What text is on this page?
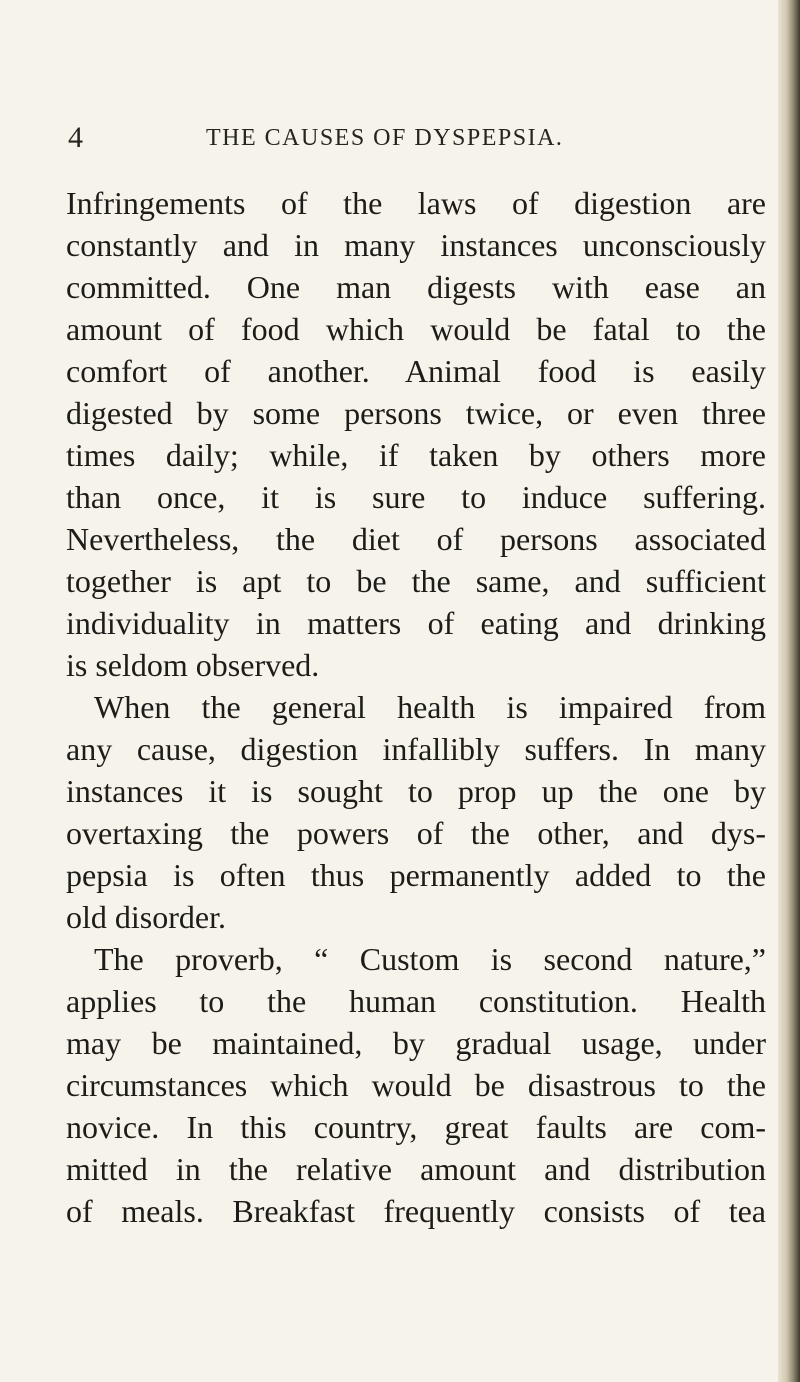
4	THE CAUSES OF DYSPEPSIA.
Infringements of the laws of digestion are
constantly and in many instances unconsciously
committed. One man digests with ease an
amount of food which would be fatal to the
comfort of another. Animal food is easily
digested by some persons twice, or even three
times daily; while, if taken by others more
than once, it is sure to induce suffering.
Nevertheless, the diet of persons associated
together is apt to be the same, and sufficient
individuality in matters of eating and drinking
is seldom observed.
When the general health is impaired from
any cause, digestion infallibly suffers. In many
instances it is sought to prop up the one by
overtaxing the powers of the other, and dys-
pepsia is often thus permanently added to the
old disorder.
The proverb, “ Custom is second nature,”
applies to the human constitution. Health
may be maintained, by gradual usage, under
circumstances which would be disastrous to the
novice. In this country, great faults are com-
mitted in the relative amount and distribution
of meals. Breakfast frequently consists of tea
